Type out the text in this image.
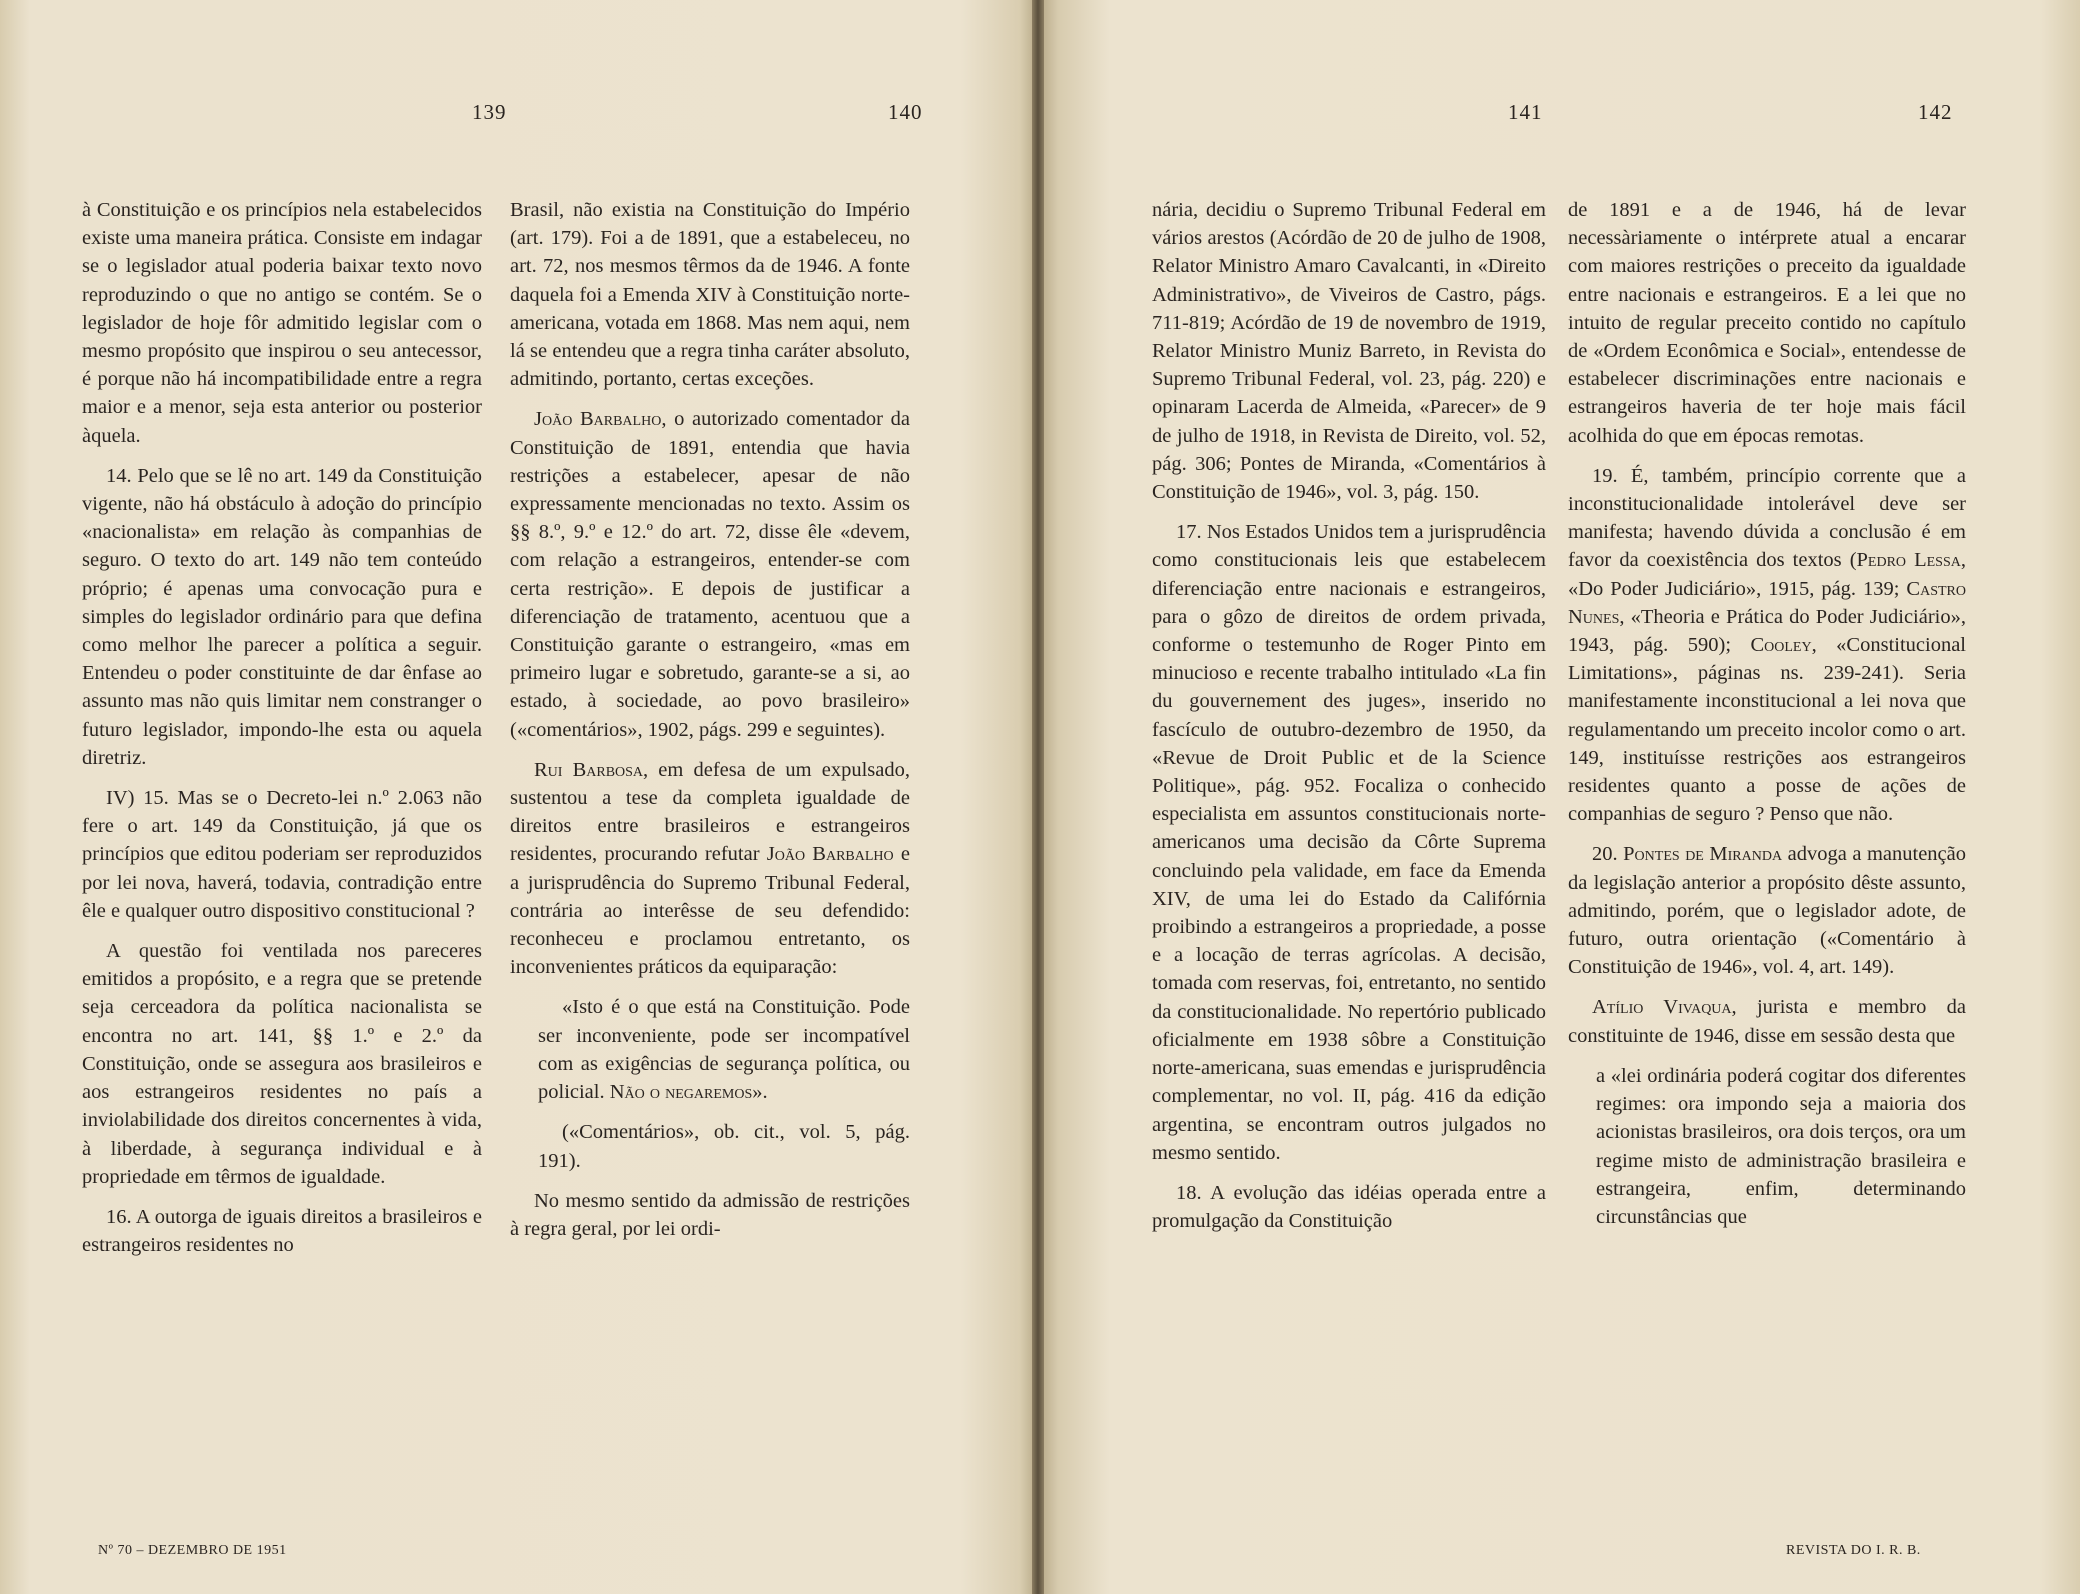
139	140	141	142

à Constituição e os princípios nela estabelecidos existe uma maneira prática. Consiste em indagar se o legislador atual poderia baixar texto novo reproduzindo o que no antigo se contém. Se o legislador de hoje fôr admitido legislar com o mesmo propósito que inspirou o seu antecessor, é porque não há incompatibilidade entre a regra maior e a menor, seja esta anterior ou posterior àquela.

14. Pelo que se lê no art. 149 da Constituição vigente, não há obstáculo à adoção do princípio «nacionalista» em relação às companhias de seguro. O texto do art. 149 não tem conteúdo próprio; é apenas uma convocação pura e simples do legislador ordinário para que defina como melhor lhe parecer a política a seguir. Entendeu o poder constituinte de dar ênfase ao assunto mas não quis limitar nem constranger o futuro legislador, impondo-lhe esta ou aquela diretriz.

IV) 15. Mas se o Decreto-lei n.º 2.063 não fere o art. 149 da Constituição, já que os princípios que editou poderiam ser reproduzidos por lei nova, haverá, todavia, contradição entre êle e qualquer outro dispositivo constitucional ?

A questão foi ventilada nos pareceres emitidos a propósito, e a regra que se pretende seja cerceadora da política nacionalista se encontra no art. 141, §§ 1.º e 2.º da Constituição, onde se assegura aos brasileiros e aos estrangeiros residentes no país a inviolabilidade dos direitos concernentes à vida, à liberdade, à segurança individual e à propriedade em têrmos de igualdade.

16. A outorga de iguais direitos a brasileiros e estrangeiros residentes no

Brasil, não existia na Constituição do Império (art. 179). Foi a de 1891, que a estabeleceu, no art. 72, nos mesmos têrmos da de 1946. A fonte daquela foi a Emenda XIV à Constituição norte-americana, votada em 1868. Mas nem aqui, nem lá se entendeu que a regra tinha caráter absoluto, admitindo, portanto, certas exceções.

João Barbalho, o autorizado comentador da Constituição de 1891, entendia que havia restrições a estabelecer, apesar de não expressamente mencionadas no texto. Assim os §§ 8.º, 9.º e 12.º do art. 72, disse êle «devem, com relação a estrangeiros, entender-se com certa restrição». E depois de justificar a diferenciação de tratamento, acentuou que a Constituição garante o estrangeiro, «mas em primeiro lugar e sobretudo, garante-se a si, ao estado, à sociedade, ao povo brasileiro» («comentários», 1902, págs. 299 e seguintes).

Rui Barbosa, em defesa de um expulsado, sustentou a tese da completa igualdade de direitos entre brasileiros e estrangeiros residentes, procurando refutar João Barbalho e a jurisprudência do Supremo Tribunal Federal, contrária ao interêsse de seu defendido: reconheceu e proclamou entretanto, os inconvenientes práticos da equiparação:

«Isto é o que está na Constituição. Pode ser inconveniente, pode ser incompatível com as exigências de segurança política, ou policial. Não o negaremos».

(«Comentários», ob. cit., vol. 5, pág. 191).

No mesmo sentido da admissão de restrições à regra geral, por lei ordi-

nária, decidiu o Supremo Tribunal Federal em vários arestos (Acórdão de 20 de julho de 1908, Relator Ministro Amaro Cavalcanti, in «Direito Administrativo», de Viveiros de Castro, págs. 711-819; Acórdão de 19 de novembro de 1919, Relator Ministro Muniz Barreto, in Revista do Supremo Tribunal Federal, vol. 23, pág. 220) e opinaram Lacerda de Almeida, «Parecer» de 9 de julho de 1918, in Revista de Direito, vol. 52, pág. 306; Pontes de Miranda, «Comentários à Constituição de 1946», vol. 3, pág. 150.

17. Nos Estados Unidos tem a jurisprudência como constitucionais leis que estabelecem diferenciação entre nacionais e estrangeiros, para o gôzo de direitos de ordem privada, conforme o testemunho de Roger Pinto em minucioso e recente trabalho intitulado «La fin du gouvernement des juges», inserido no fascículo de outubro-dezembro de 1950, da «Revue de Droit Public et de la Science Politique», pág. 952. Focaliza o conhecido especialista em assuntos constitucionais norte-americanos uma decisão da Côrte Suprema concluindo pela validade, em face da Emenda XIV, de uma lei do Estado da Califórnia proibindo a estrangeiros a propriedade, a posse e a locação de terras agrícolas. A decisão, tomada com reservas, foi, entretanto, no sentido da constitucionalidade. No repertório publicado oficialmente em 1938 sôbre a Constituição norte-americana, suas emendas e jurisprudência complementar, no vol. II, pág. 416 da edição argentina, se encontram outros julgados no mesmo sentido.

18. A evolução das idéias operada entre a promulgação da Constituição

de 1891 e a de 1946, há de levar necessàriamente o intérprete atual a encarar com maiores restrições o preceito da igualdade entre nacionais e estrangeiros. E a lei que no intuito de regular preceito contido no capítulo de «Ordem Econômica e Social», entendesse de estabelecer discriminações entre nacionais e estrangeiros haveria de ter hoje mais fácil acolhida do que em épocas remotas.

19. É, também, princípio corrente que a inconstitucionalidade intolerável deve ser manifesta; havendo dúvida a conclusão é em favor da coexistência dos textos (Pedro Lessa, «Do Poder Judiciário», 1915, pág. 139; Castro Nunes, «Theoria e Prática do Poder Judiciário», 1943, pág. 590); Cooley, «Constitucional Limitations», páginas ns. 239-241). Seria manifestamente inconstitucional a lei nova que regulamentando um preceito incolor como o art. 149, instituísse restrições aos estrangeiros residentes quanto a posse de ações de companhias de seguro ? Penso que não.

20. Pontes de Miranda advoga a manutenção da legislação anterior a propósito dêste assunto, admitindo, porém, que o legislador adote, de futuro, outra orientação («Comentário à Constituição de 1946», vol. 4, art. 149).

Atílio Vivaqua, jurista e membro da constituinte de 1946, disse em sessão desta que

a «lei ordinária poderá cogitar dos diferentes regimes: ora impondo seja a maioria dos acionistas brasileiros, ora dois terços, ora um regime misto de administração brasileira e estrangeira, enfim, determinando circunstâncias que

Nº 70 – DEZEMBRO DE 1951	REVISTA DO I. R. B.
